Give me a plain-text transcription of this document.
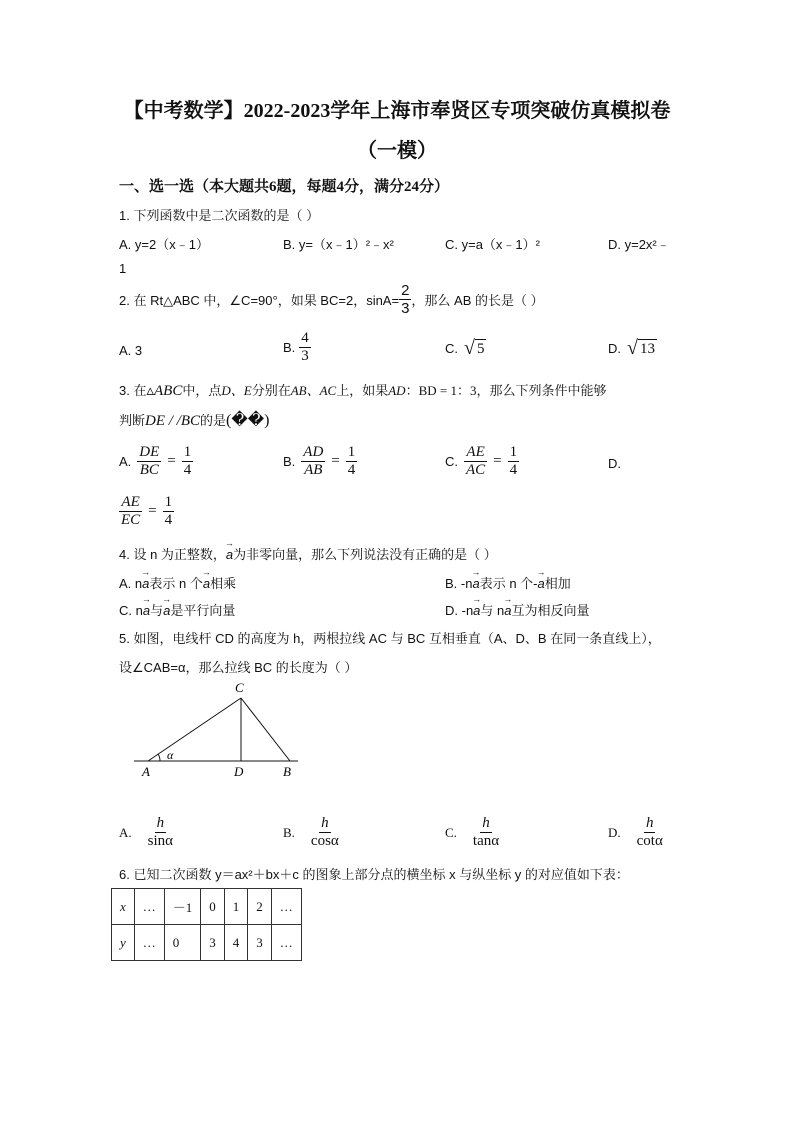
【中考数学】2022-2023学年上海市奉贤区专项突破仿真模拟卷
（一模）
一、选一选（本大题共6题，每题4分，满分24分）
1. 下列函数中是二次函数的是（ ）
A. y=2（x﹣1）	B. y=（x﹣1）²﹣x²	C. y=a（x﹣1）²	D. y=2x²﹣
1
2. 在 Rt△ABC 中，∠C=90°，如果 BC=2，$\sin A= \frac{2}{3}$ ，那么 AB 的长是（ ）
A. 3	B. $\frac{4}{3}$	C. √ 5	D. √ 13
3. 在▵ABC中，点D、E分别在AB、AC上，如果AD：BD = 1：3，那么下列条件中能够
判断DE / /BC的是(��)
A. $\frac{DE}{BC} = \frac{1}{4}$	B. $\frac{AD}{AB} = \frac{1}{4}$	C. $\frac{AE}{AC} = \frac{1}{4}$	D.
$\frac{AE}{EC} = \frac{1}{4}$
4. 设 n 为正整数，→ a为非零向量，那么下列说法没有正确的是（ ）
A. n→ a表示 n 个→ a相乘	B. -n→ a表示 n 个-→ a相加
C. n→ a与→ a是平行向量	D. -n→ a与 n→ a互为相反向量
5. 如图，电线杆 CD 的高度为 h，两根拉线 AC 与 BC 互相垂直（A、D、B 在同一条直线上），
设∠CAB=α，那么拉线 BC 的长度为（ ）
C
A	D	B
α
A. $\frac{h}{\sin\alpha}$	B. $\frac{h}{\cos\alpha}$	C. $\frac{h}{\tan\alpha}$	D. $\frac{h}{\cot\alpha}$
6. 已知二次函数 y＝ax²＋bx＋c 的图象上部分点的横坐标 x 与纵坐标 y 的对应值如下表：
x	…	－1	0	1	2	…
y	…	0	3	4	3	…
